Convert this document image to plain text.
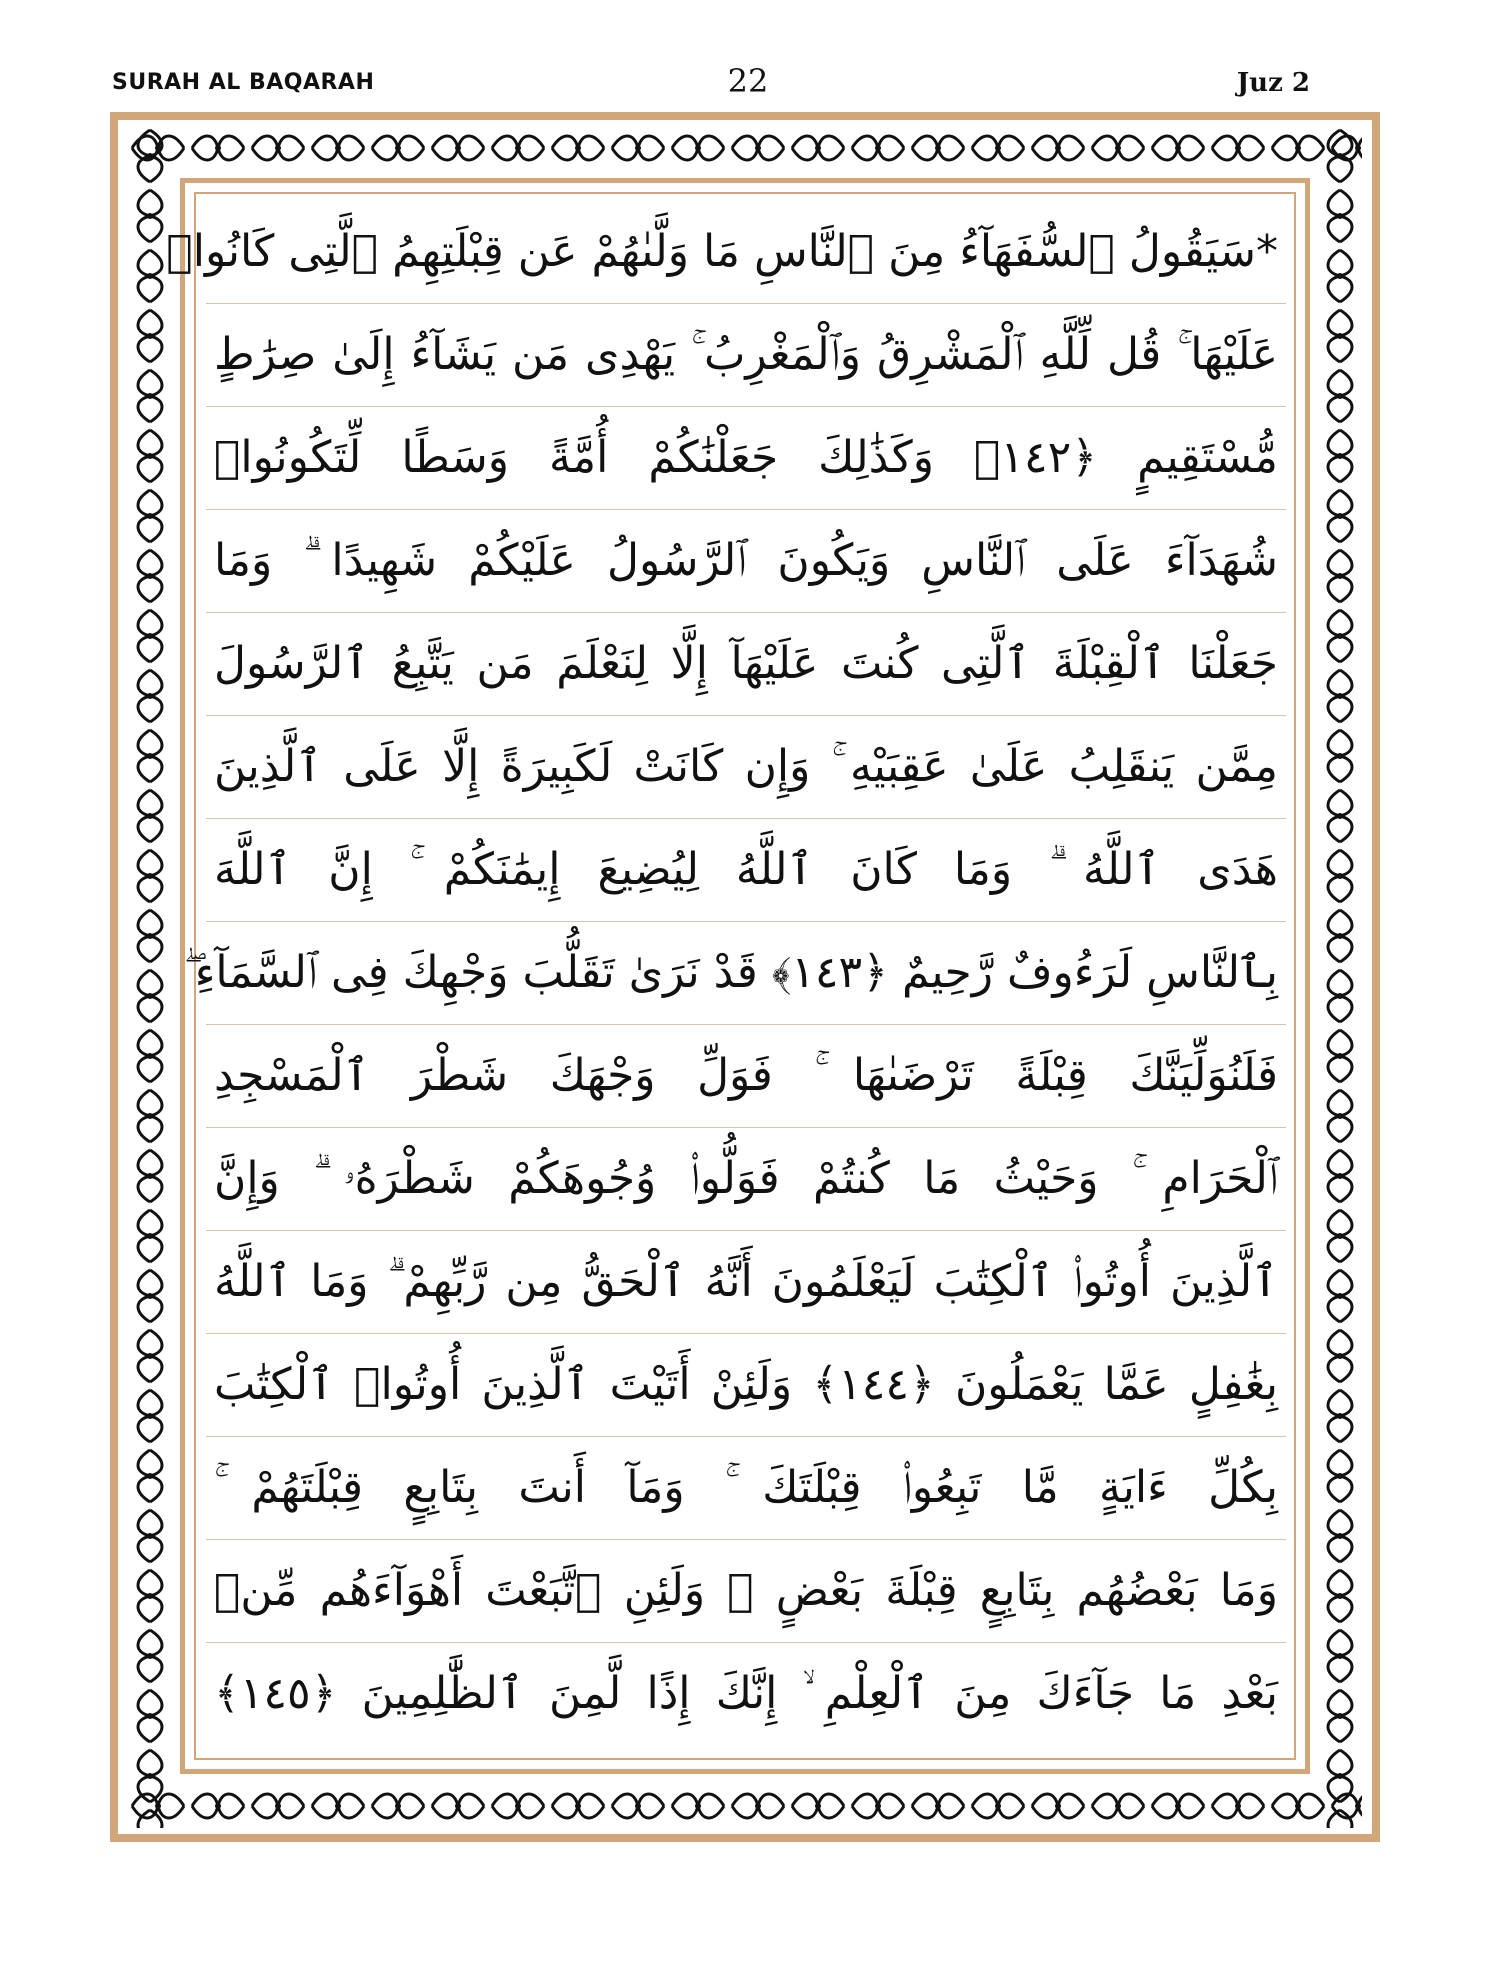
SURAH AL BAQARAH	22	Juz 2
*سَيَقُولُ ٱلسُّفَهَآءُ مِنَ ٱلنَّاسِ مَا وَلَّىٰهُمْ عَن قِبْلَتِهِمُ ٱلَّتِى كَانُوا۟
عَلَيْهَا ۚ قُل لِّلَّهِ ٱلْمَشْرِقُ وَٱلْمَغْرِبُ ۚ يَهْدِى مَن يَشَآءُ إِلَىٰ صِرَٰطٍ
مُّسْتَقِيمٍ ﴿١٤٢﴾ وَكَذَٰلِكَ جَعَلْنَٰكُمْ أُمَّةً وَسَطًا لِّتَكُونُوا۟
شُهَدَآءَ عَلَى ٱلنَّاسِ وَيَكُونَ ٱلرَّسُولُ عَلَيْكُمْ شَهِيدًا ۗ وَمَا
جَعَلْنَا ٱلْقِبْلَةَ ٱلَّتِى كُنتَ عَلَيْهَآ إِلَّا لِنَعْلَمَ مَن يَتَّبِعُ ٱلرَّسُولَ
مِمَّن يَنقَلِبُ عَلَىٰ عَقِبَيْهِ ۚ وَإِن كَانَتْ لَكَبِيرَةً إِلَّا عَلَى ٱلَّذِينَ
هَدَى ٱللَّهُ ۗ وَمَا كَانَ ٱللَّهُ لِيُضِيعَ إِيمَٰنَكُمْ ۚ إِنَّ ٱللَّهَ
بِٱلنَّاسِ لَرَءُوفٌ رَّحِيمٌ ﴿١٤٣﴾ قَدْ نَرَىٰ تَقَلُّبَ وَجْهِكَ فِى ٱلسَّمَآءِ ۖ
فَلَنُوَلِّيَنَّكَ قِبْلَةً تَرْضَىٰهَا ۚ فَوَلِّ وَجْهَكَ شَطْرَ ٱلْمَسْجِدِ
ٱلْحَرَامِ ۚ وَحَيْثُ مَا كُنتُمْ فَوَلُّوا۟ وُجُوهَكُمْ شَطْرَهُۥ ۗ وَإِنَّ
ٱلَّذِينَ أُوتُوا۟ ٱلْكِتَٰبَ لَيَعْلَمُونَ أَنَّهُ ٱلْحَقُّ مِن رَّبِّهِمْ ۗ وَمَا ٱللَّهُ
بِغَٰفِلٍ عَمَّا يَعْمَلُونَ ﴿١٤٤﴾ وَلَئِنْ أَتَيْتَ ٱلَّذِينَ أُوتُوا۟ ٱلْكِتَٰبَ
بِكُلِّ ءَايَةٍ مَّا تَبِعُوا۟ قِبْلَتَكَ ۚ وَمَآ أَنتَ بِتَابِعٍ قِبْلَتَهُمْ ۚ
وَمَا بَعْضُهُم بِتَابِعٍ قِبْلَةَ بَعْضٍ ۚ وَلَئِنِ ٱتَّبَعْتَ أَهْوَآءَهُم مِّنۢ
بَعْدِ مَا جَآءَكَ مِنَ ٱلْعِلْمِ ۙ إِنَّكَ إِذًا لَّمِنَ ٱلظَّٰلِمِينَ ﴿١٤٥﴾
